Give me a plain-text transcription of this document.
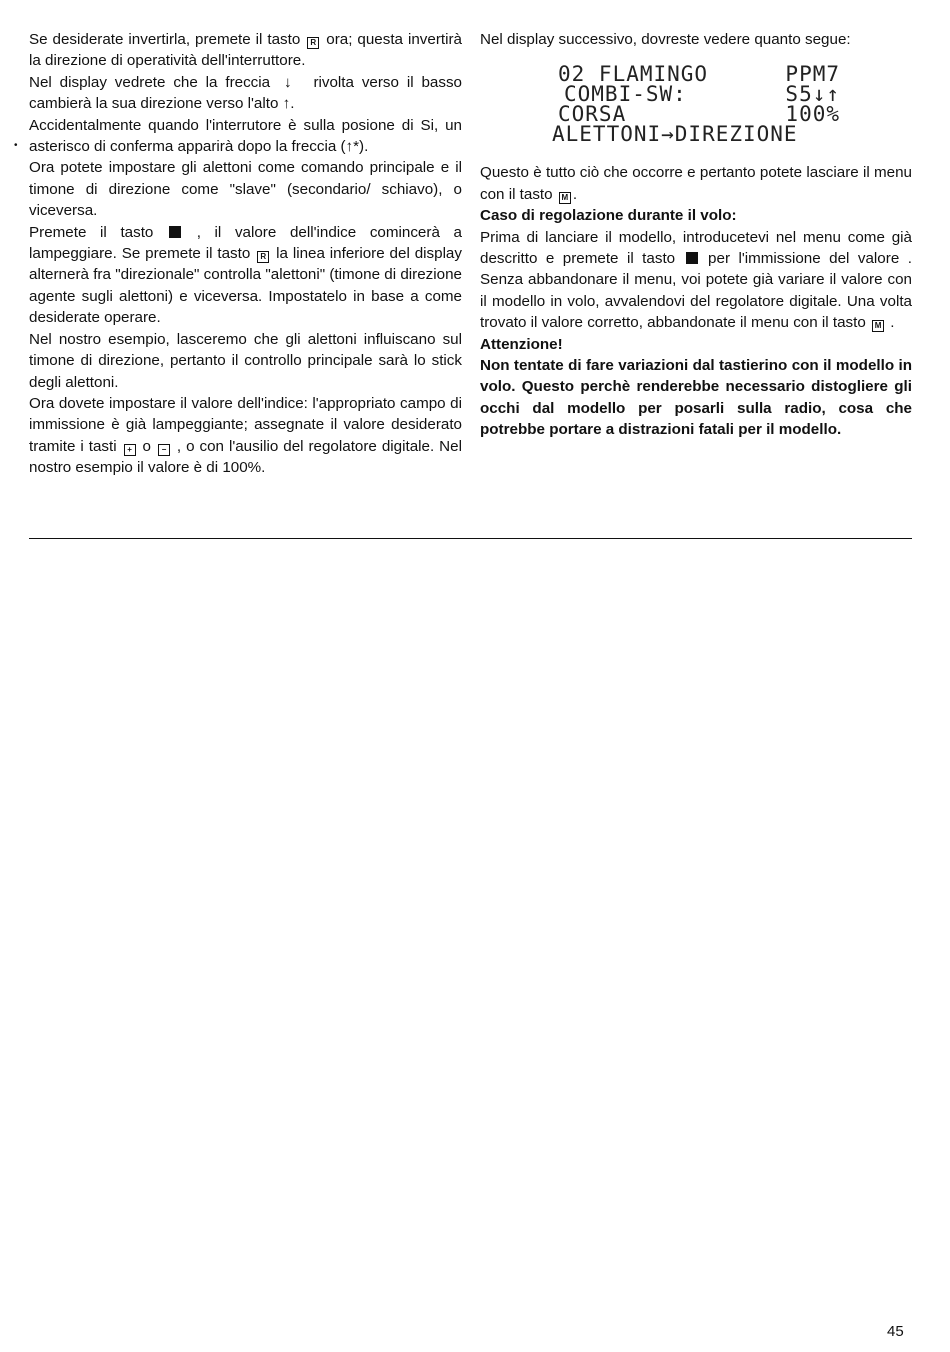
Se desiderate invertirla, premete il tasto R ora; questa invertirà la direzione di operatività dell'interruttore.

Nel display vedrete che la freccia ↓ rivolta verso il basso cambierà la sua direzione verso l'alto ↑.

Accidentalmente quando l'interrutore è sulla posione di Si, un asterisco di conferma apparirà dopo la freccia (↑*).

Ora potete impostare gli alettoni come comando principale e il timone di direzione come "slave" (secondario/ schiavo), o viceversa.

Premete il tasto	, il valore dell'indice comincerà a lampeggiare. Se premete il tasto R la linea inferiore del display alternerà fra "direzionale" controlla "alettoni" (timone di direzione agente sugli alettoni) e viceversa. Impostatelo in base a come desiderate operare.

Nel nostro esempio, lasceremo che gli alettoni influiscano sul timone di direzione, pertanto il controllo principale sarà lo stick degli alettoni.

Ora dovete impostare il valore dell'indice: l'appropriato campo di immissione è già lampeggiante; assegnate il valore desiderato tramite i tasti + o − , o con l'ausilio del regolatore digitale. Nel nostro esempio il valore è di 100%.

•

Nel display successivo, dovreste vedere quanto segue:

02 FLAMINGO	PPM7
COMBI-SW:	S5↓↑
CORSA	100%
ALETTONI→DIREZIONE

Questo è tutto ciò che occorre e pertanto potete lasciare il menu con il tasto M .

Caso di regolazione durante il volo:

Prima di lanciare il modello, introducetevi nel menu come già descritto e premete il tasto per l'immissione del valore . Senza abbandonare il menu, voi potete già variare il valore con il modello in volo, avvalendovi del regolatore digitale. Una volta trovato il valore corretto, abbandonate il menu con il tasto M .

Attenzione!

Non tentate di fare variazioni dal tastierino con il modello in volo. Questo perchè renderebbe necessario distogliere gli occhi dal modello per posarli sulla radio, cosa che potrebbe portare a distrazioni fatali per il modello.

45
